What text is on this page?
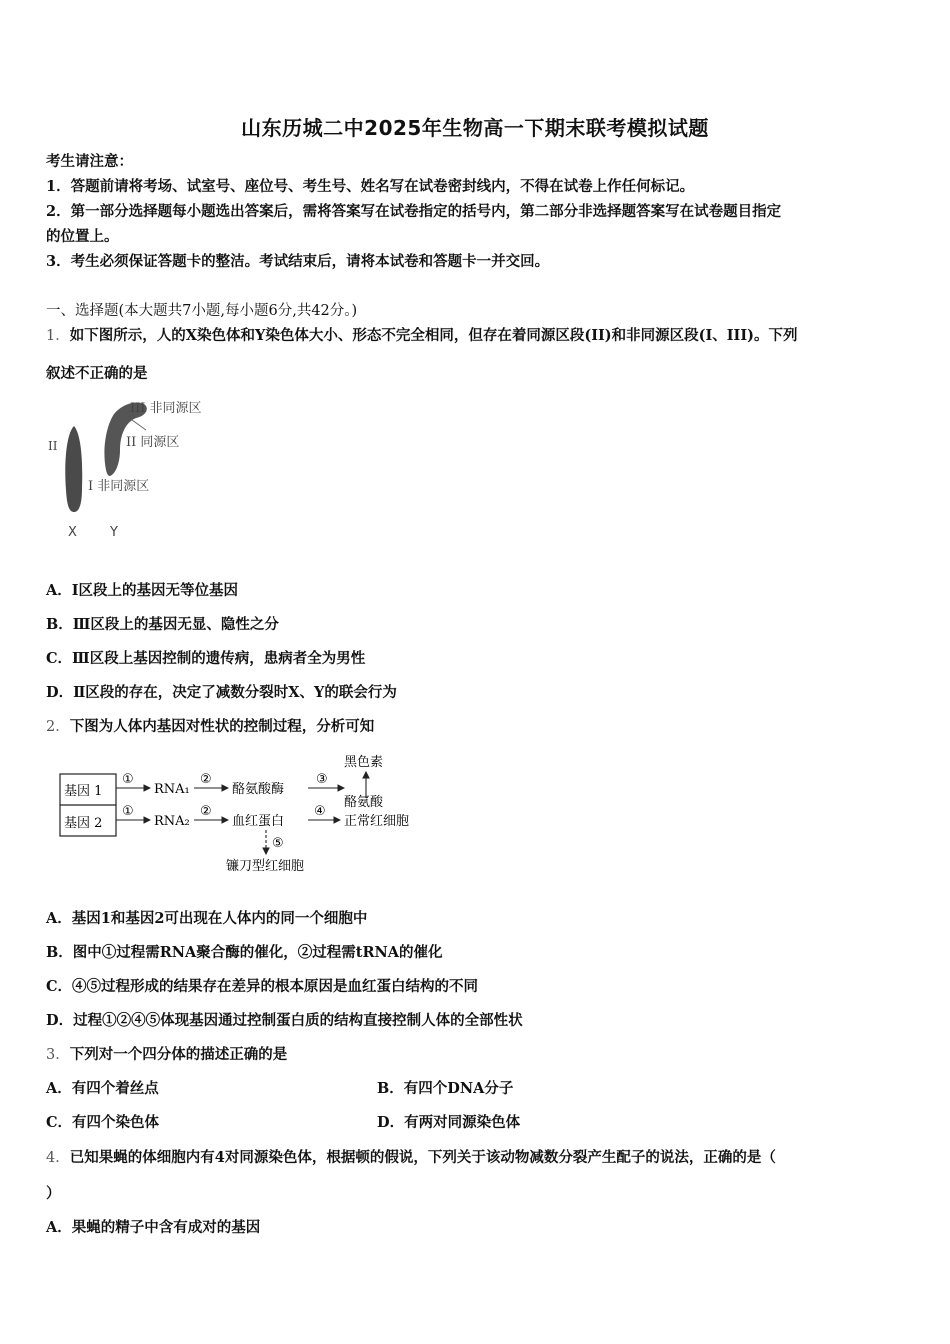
山东历城二中2025年生物高一下期末联考模拟试题
考生请注意：
1．答题前请将考场、试室号、座位号、考生号、姓名写在试卷密封线内，不得在试卷上作任何标记。
2．第一部分选择题每小题选出答案后，需将答案写在试卷指定的括号内，第二部分非选择题答案写在试卷题目指定
的位置上。
3．考生必须保证答题卡的整洁。考试结束后，请将本试卷和答题卡一并交回。
一、选择题(本大题共7小题,每小题6分,共42分。)
1．如下图所示，人的X染色体和Y染色体大小、形态不完全相同，但存在着同源区段(II)和非同源区段(I、III)。下列
叙述不正确的是
III 非同源区
II 同源区
I 非同源区
II
X	Y
A．Ⅰ区段上的基因无等位基因
B．Ⅲ区段上的基因无显、隐性之分
C．Ⅲ区段上基因控制的遗传病，患病者全为男性
D．Ⅱ区段的存在，决定了减数分裂时X、Y的联会行为
2．下图为人体内基因对性状的控制过程，分析可知
基因 1
基因 2
①
RNA₁
②
酪氨酸酶
③
黑色素
酪氨酸
①
RNA₂
②
血红蛋白
④
正常红细胞
⑤
镰刀型红细胞
A．基因1和基因2可出现在人体内的同一个细胞中
B．图中①过程需RNA聚合酶的催化，②过程需tRNA的催化
C．④⑤过程形成的结果存在差异的根本原因是血红蛋白结构的不同
D．过程①②④⑤体现基因通过控制蛋白质的结构直接控制人体的全部性状
3．下列对一个四分体的描述正确的是
A．有四个着丝点	B．有四个DNA分子
C．有四个染色体	D．有两对同源染色体
4．已知果蝇的体细胞内有4对同源染色体，根据顿的假说，下列关于该动物减数分裂产生配子的说法，正确的是（
）
A．果蝇的精子中含有成对的基因
